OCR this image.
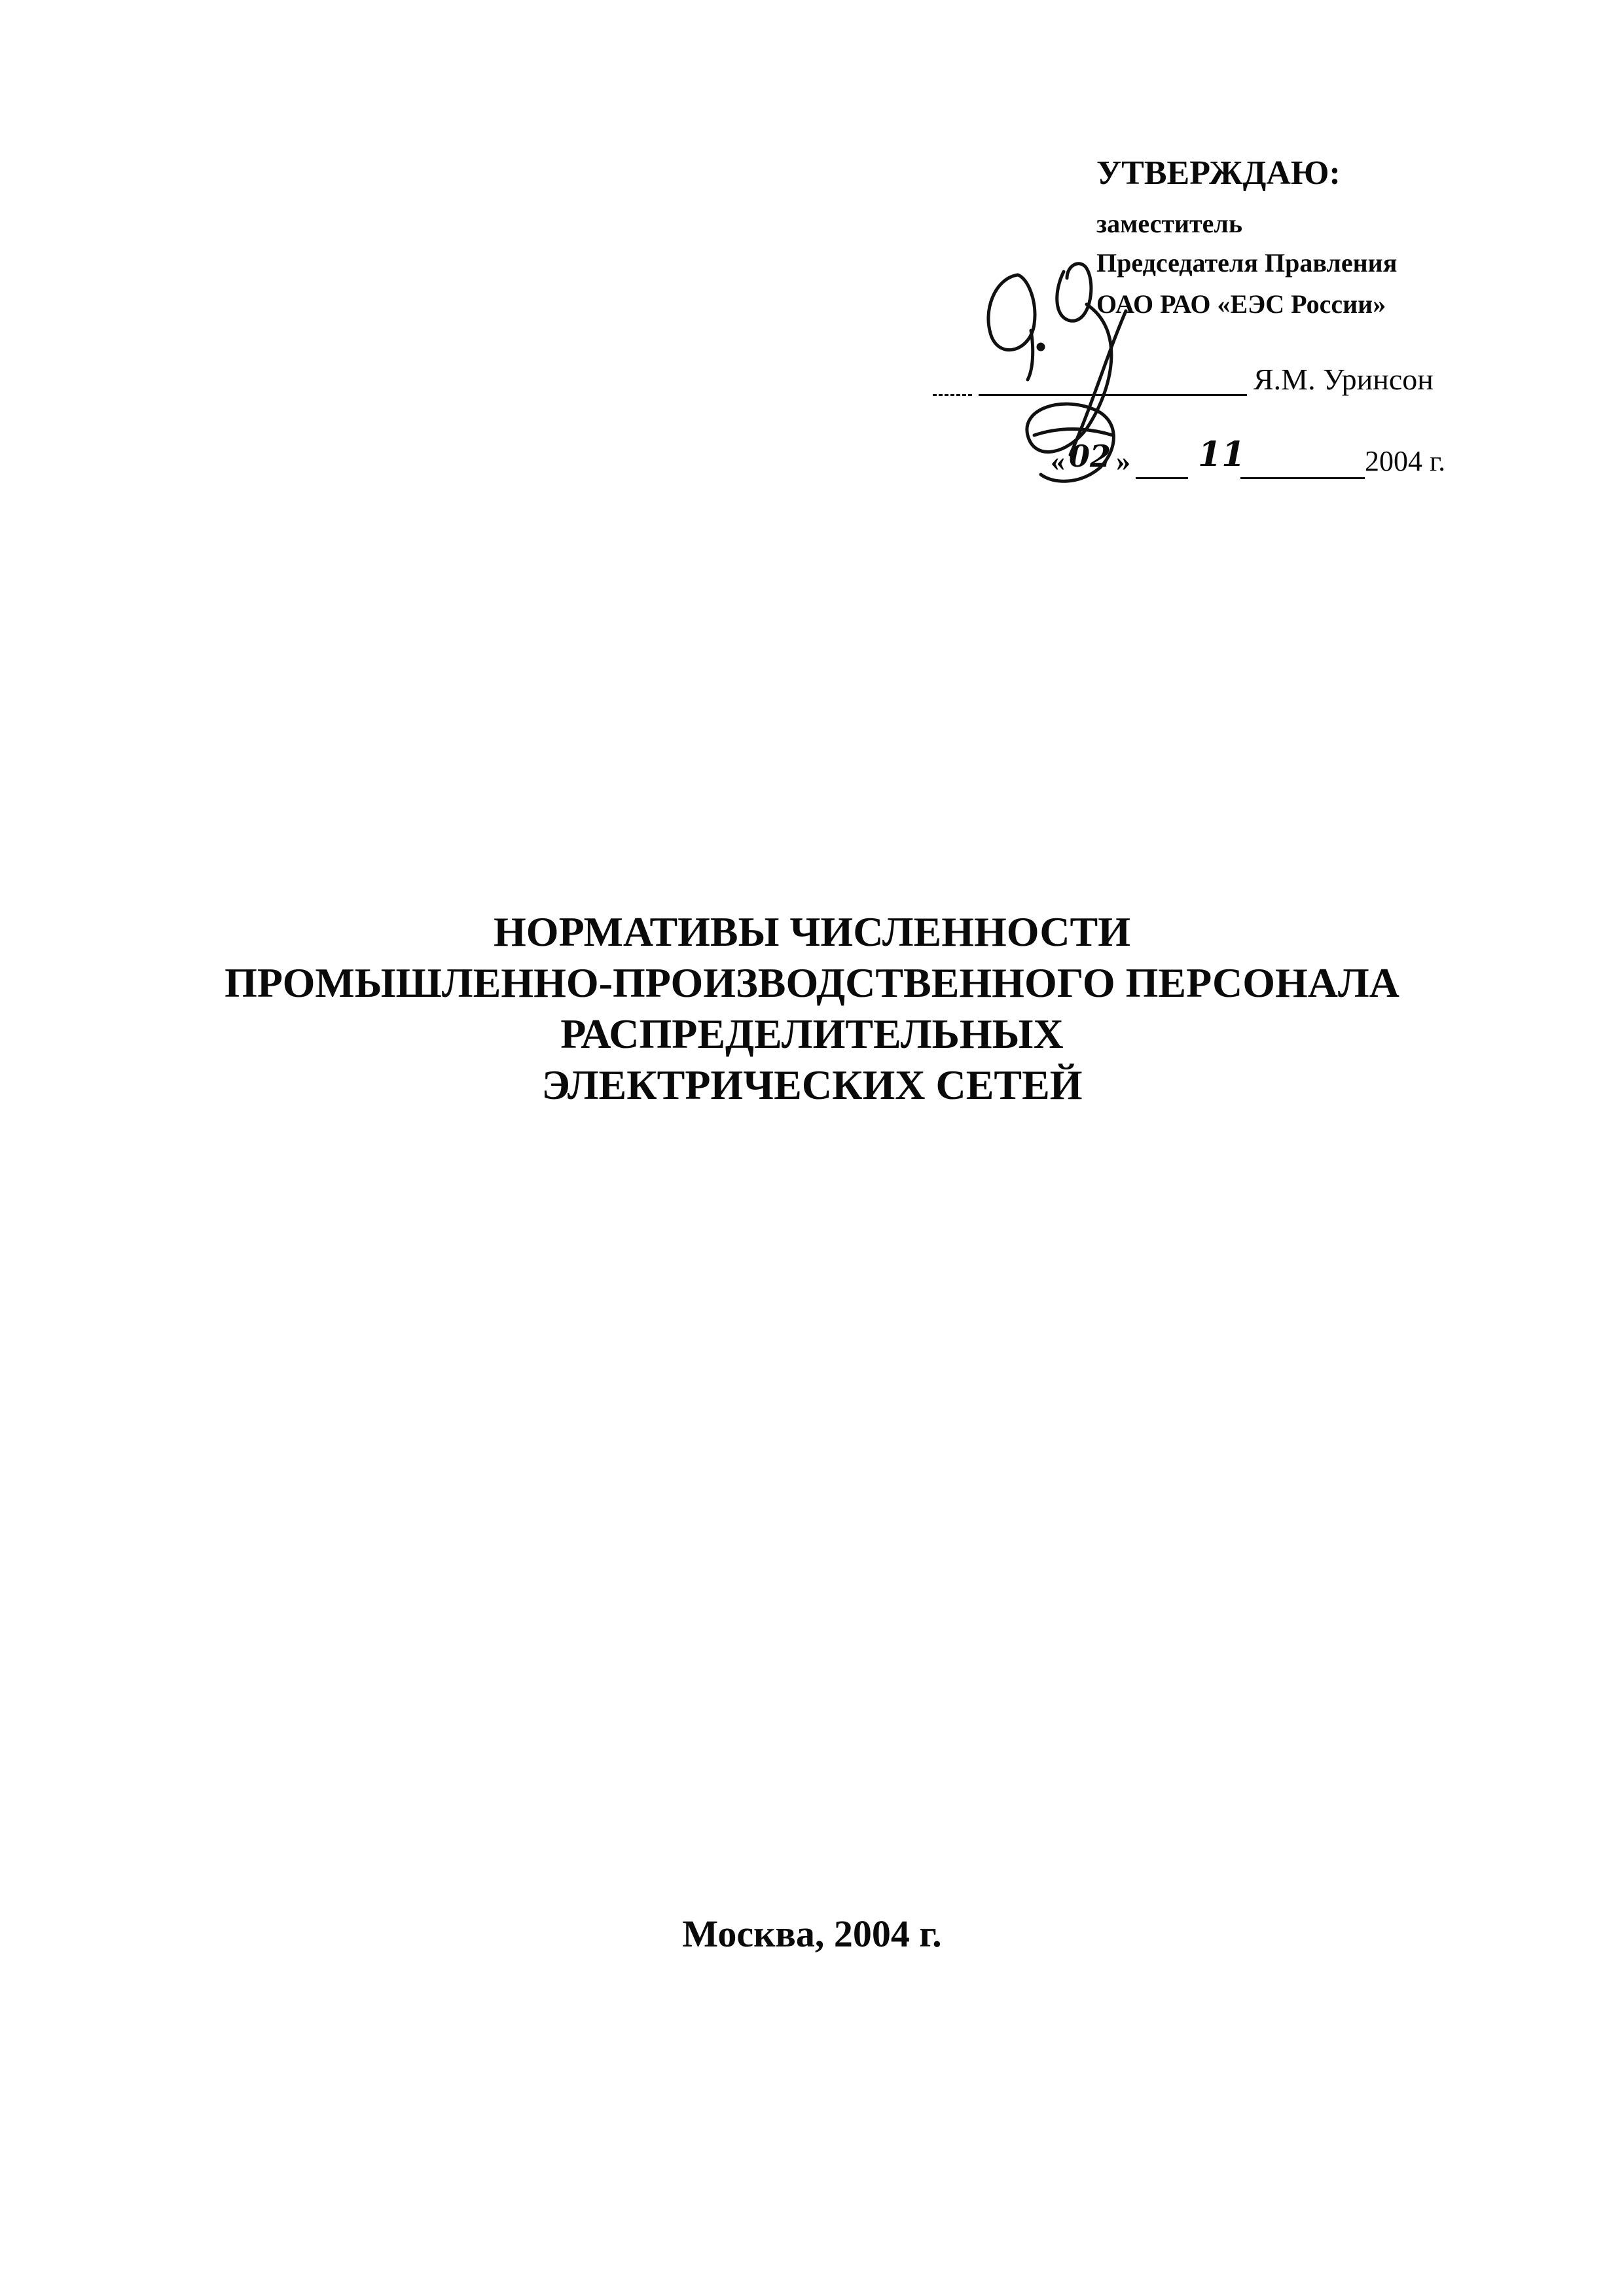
УТВЕРЖДАЮ:
заместитель
Председателя Правления
ОАО РАО «ЕЭС России»
Я.М. Уринсон
« 02 » 11	2004 г.
НОРМАТИВЫ ЧИСЛЕННОСТИ
ПРОМЫШЛЕННО-ПРОИЗВОДСТВЕННОГО ПЕРСОНАЛА
РАСПРЕДЕЛИТЕЛЬНЫХ
ЭЛЕКТРИЧЕСКИХ СЕТЕЙ
Москва, 2004 г.
